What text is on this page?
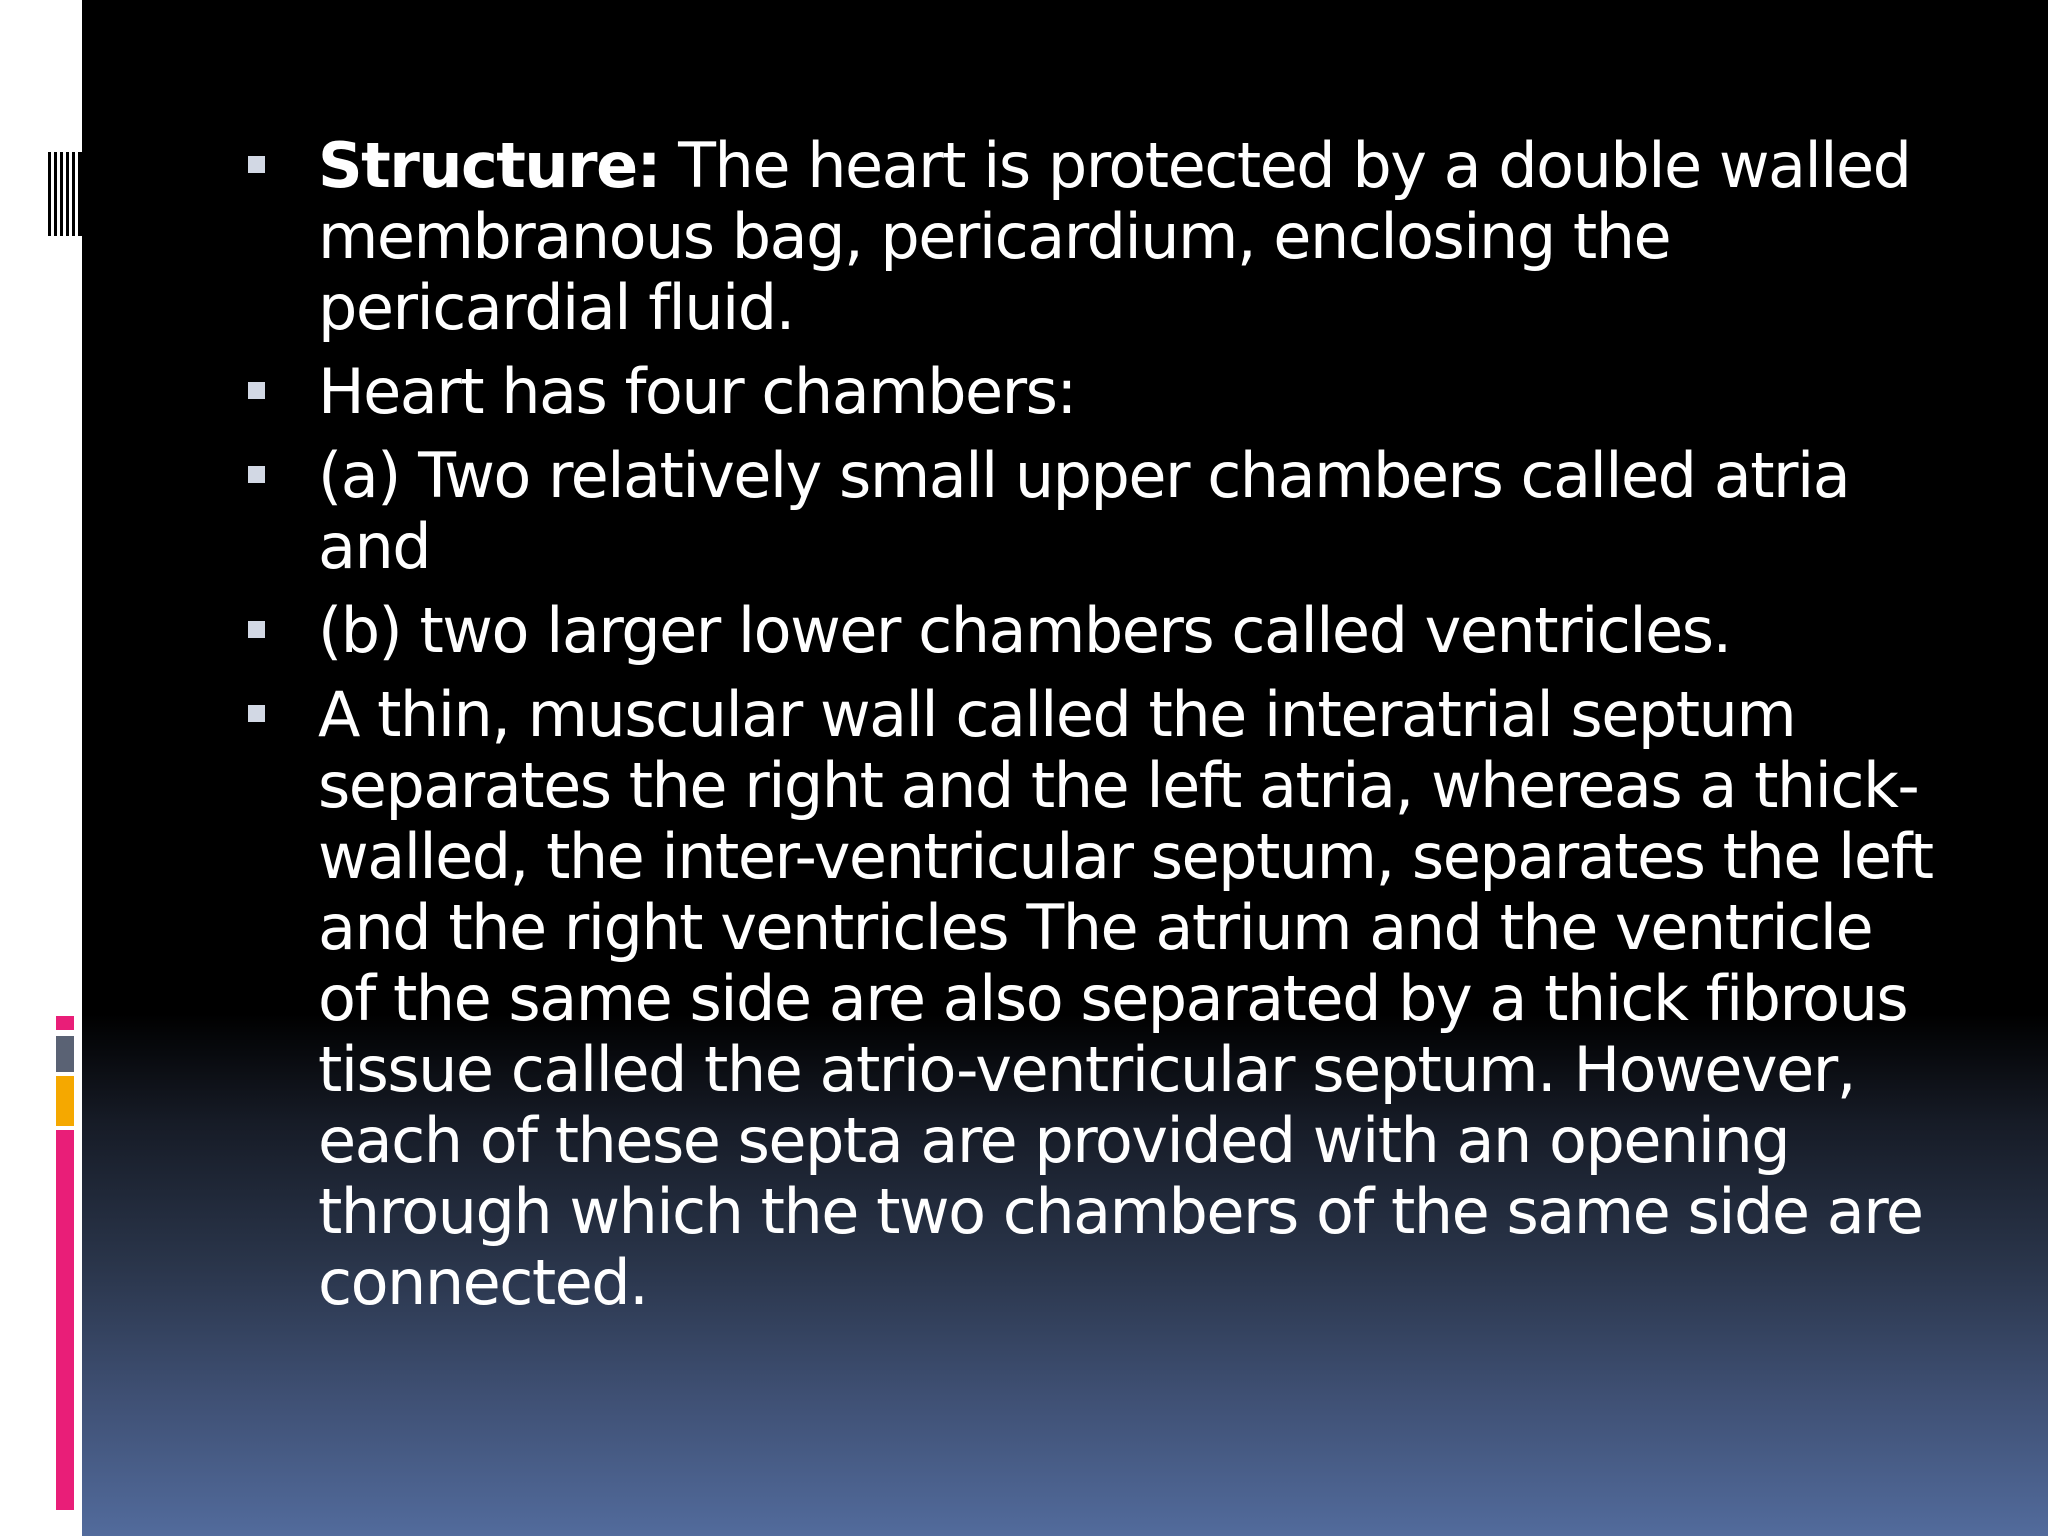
Structure: The heart is protected by a double walled membranous bag, pericardium, enclosing the pericardial fluid.
Heart has four chambers:
(a) Two relatively small upper chambers called atria and
(b) two larger lower chambers called ventricles.
A thin, muscular wall called the interatrial septum separates the right and the left atria, whereas a thick-walled, the inter-ventricular septum, separates the left and the right ventricles The atrium and the ventricle of the same side are also separated by a thick fibrous tissue called the atrio-ventricular septum. However, each of these septa are provided with an opening through which the two chambers of the same side are connected.
